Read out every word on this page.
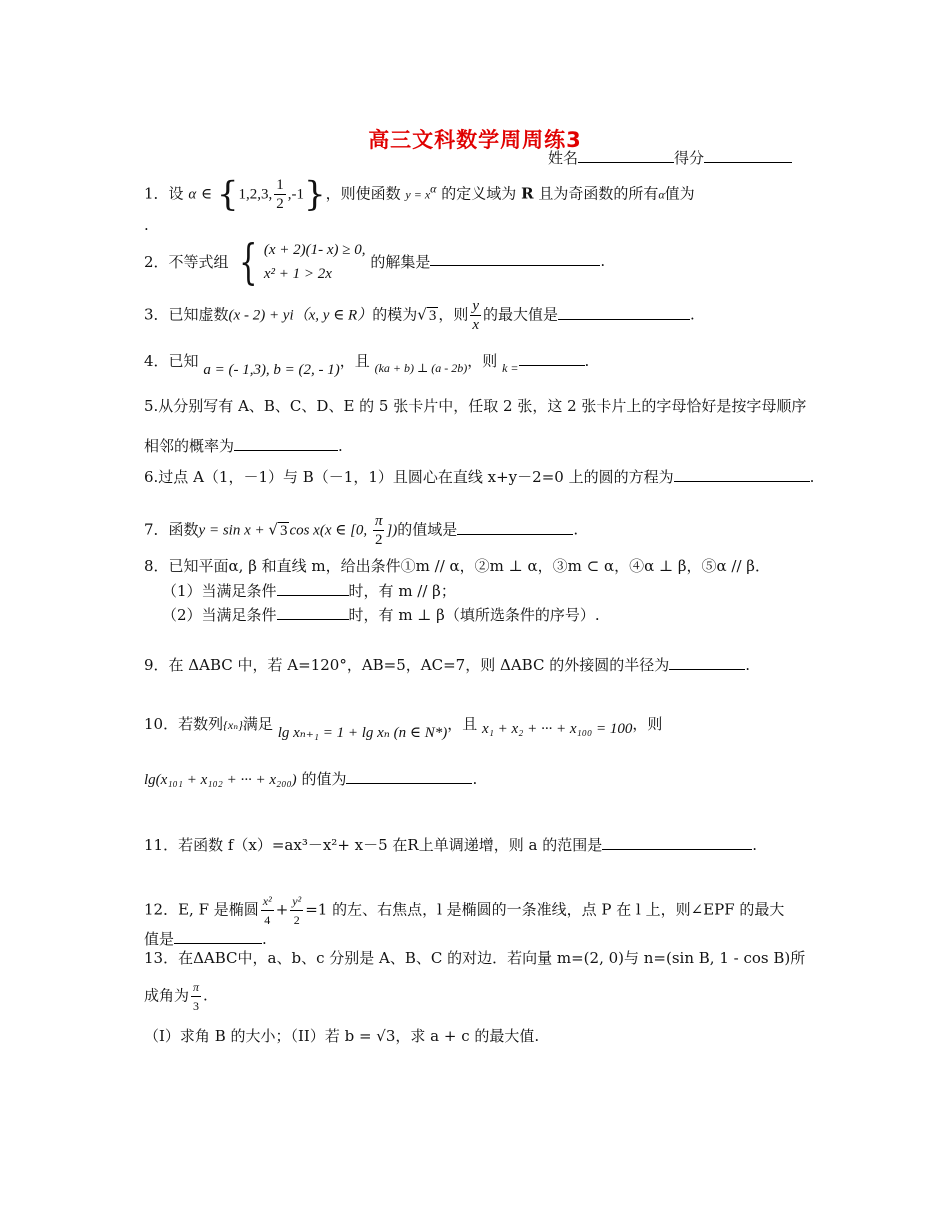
高三文科数学周周练3
姓名	得分
1．设 α ∈ {1,2,3, $\frac{1}{2} ,-1$}，则使函数 $y = x^\alpha$ 的定义域为 R 且为奇函数的所有α值为
.
2．不等式组 { (x + 2)(1- x) ≥ 0,
x² + 1 > 2x
的解集是	.
3．已知虚数(x - 2) + yi（x, y ∈ R）的模为√ 3 ，则 $\frac{y}{x}$ 的最大值是	.
4．已知 a = (- 1,3), b = (2, - 1)，且 $_{(ka + b) \perp (a - 2b)}$，则 $_{k =}$	.
5.从分别写有 A、B、C、D、E 的 5 张卡片中，任取 2 张，这 2 张卡片上的字母恰好是按字母顺序
相邻的概率为	.
6.过点 A（1，－1）与 B（－1，1）且圆心在直线 x+y－2=0 上的圆的方程为	.
7．函数y = sin x + √ 3 cos x(x ∈ [0, $\frac{\pi}{2}$ ])的值域是	.
8．已知平面α, β 和直线 m，给出条件①m // α，②m ⊥ α，③m ⊂ α，④α ⊥ β，⑤α // β．
（1）当满足条件	时，有 m // β；
（2）当满足条件	时，有 m ⊥ β（填所选条件的序号）.
9．在 ΔABC 中，若 A=120°，AB=5，AC=7，则 ΔABC 的外接圆的半径为	.
10．若数列{xₙ}满足 lg xₙ₊₁ = 1 + lg xₙ (n ∈ N*)，且 x₁ + x₂ + ··· + x₁₀₀ = 100，则
lg(x₁₀₁ + x₁₀₂ + ··· + x₂₀₀) 的值为	.
11．若函数 f（x）=ax³－x²+ x－5 在R上单调递增，则 a 的范围是	.
12．E, F 是椭圆 $\frac{\text{x²}}{4} + \frac{\text{y²}}{2} =1$ 的左、右焦点，l 是椭圆的一条准线，点 P 在 l 上，则∠EPF 的最大
值是	.
13．在ΔABC中，a、b、c 分别是 A、B、C 的对边．若向量 m=(2, 0)与 n=(sin B, 1 - cos B)所
成角为 $\frac{\pi}{3}$ .
（I）求角 B 的大小；（II）若 b = √3，求 a + c 的最大值.
